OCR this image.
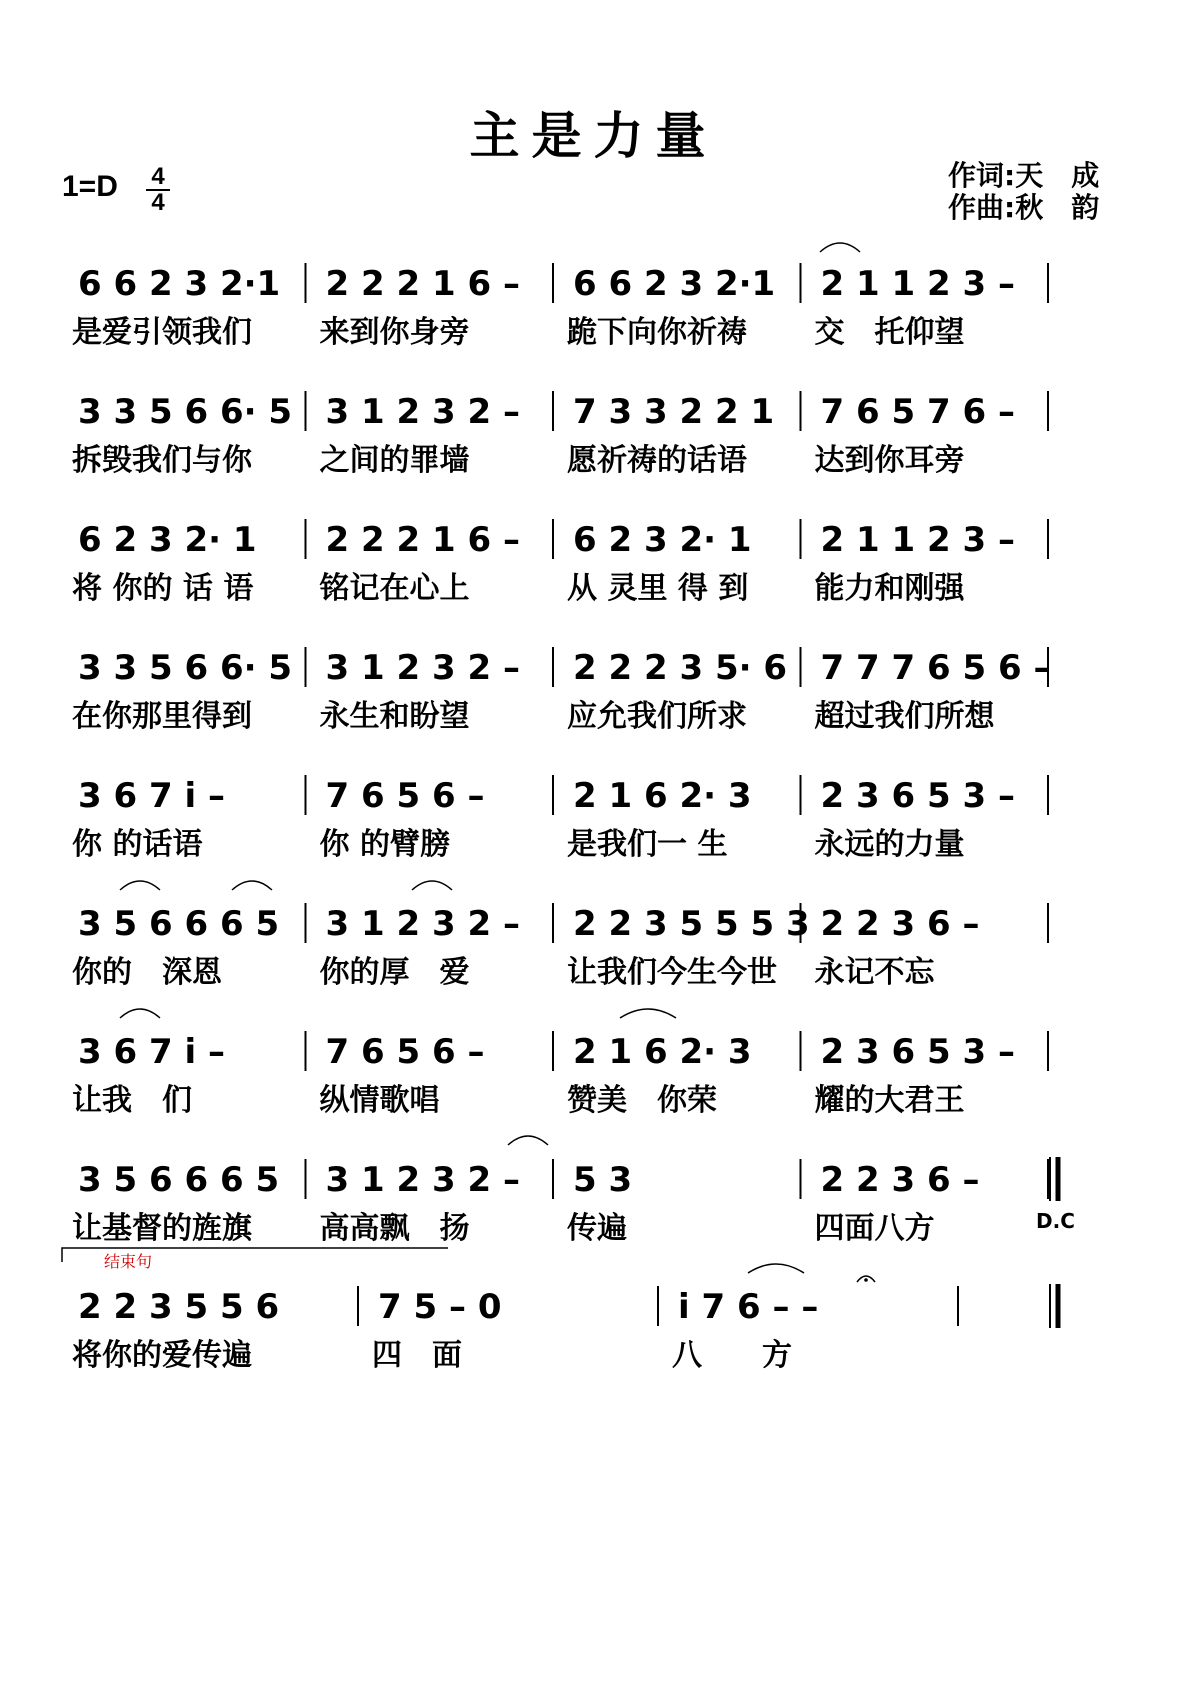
主是力量
1=D 4
4
作词:天　成
作曲:秋　韵
6 6 2 3 2·1
是爱引领我们
2 2 2 1 6 –
来到你身旁
6 6 2 3 2·1
跪下向你祈祷
2 1 1 2 3 –
交　托仰望
3 3 5 6 6· 5
拆毁我们与你
3 1 2 3 2 –
之间的罪墙
7 3 3 2 2 1
愿祈祷的话语
7 6 5 7 6 –
达到你耳旁
6 2 3 2· 1
将 你的 话 语
2 2 2 1 6 –
铭记在心上
6 2 3 2· 1
从 灵里 得 到
2 1 1 2 3 –
能力和刚强
3 3 5 6 6· 5
在你那里得到
3 1 2 3 2 –
永生和盼望
2 2 2 3 5· 6
应允我们所求
7 7 7 6 5 6 –
超过我们所想
3 6 7 i –
你 的话语
7 6 5 6 –
你 的臂膀
2 1 6 2· 3
是我们一 生
2 3 6 5 3 –
永远的力量
3 5 6 6 6 5
你的　深恩
3 1 2 3 2 –
你的厚　爱
2 2 3 5 5 5 3
让我们今生今世
2 2 3 6 –
永记不忘
3 6 7 i –
让我　们
7 6 5 6 –
纵情歌唱
2 1 6 2· 3
赞美　你荣
2 3 6 5 3 –
耀的大君王
3 5 6 6 6 5
让基督的旌旗
3 1 2 3 2 –
高高飘　扬
5 3
传遍
2 2 3 6 –
四面八方
2 2 3 5 5 6
将你的爱传遍
7 5 – 0
四　面
i 7 6 – –
八　　方
D.C
结束句
